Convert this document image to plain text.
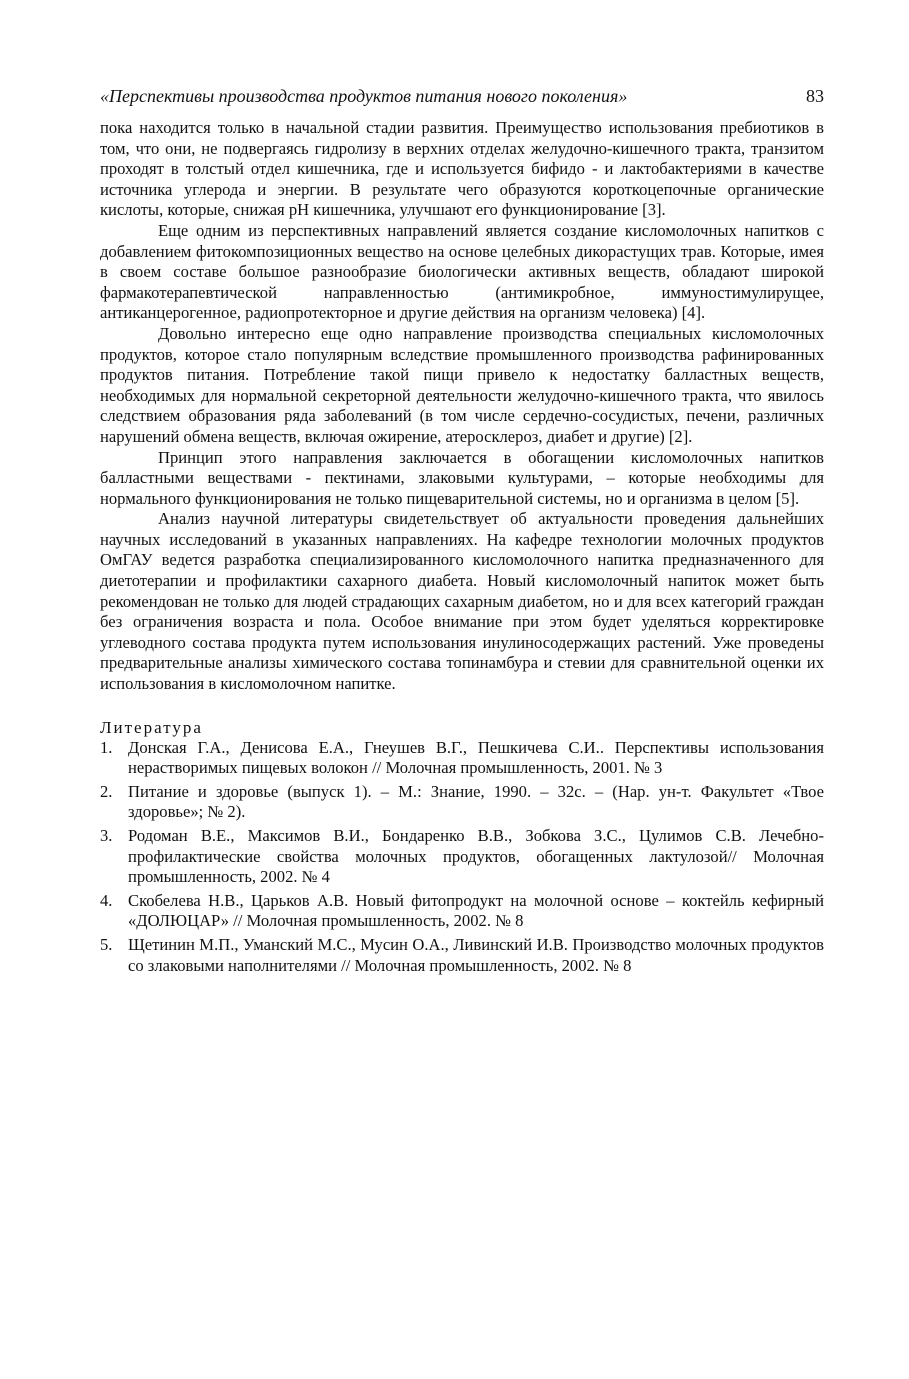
«Перспективы производства продуктов питания нового поколения»	83

пока находится только в начальной стадии развития. Преимущество использования пребиотиков в том, что они, не подвергаясь гидролизу в верхних отделах желудочно-кишечного тракта, транзитом проходят в толстый отдел кишечника, где и используется бифидо - и лактобактериями в качестве источника углерода и энергии. В результате чего образуются короткоцепочные органические кислоты, которые, снижая pH кишечника, улучшают его функционирование [3].

Еще одним из перспективных направлений является создание кисломолочных напитков с добавлением фитокомпозиционных веществo на основе целебных дикорастущих трав. Которые, имея в своем составе большое разнообразие биологически активных веществ, обладают широкой фармакотерапевтической направленностью (антимикробное, иммуностимулирущее, антиканцерогенное, радиопротекторное и другие действия на организм человека) [4].

Довольно интересно еще одно направление производства специальных кисломолочных продуктов, которое стало популярным вследствие промышленного производства рафинированных продуктов питания. Потребление такой пищи привело к недостатку балластных веществ, необходимых для нормальной секреторной деятельности желудочно-кишечного тракта, что явилось следствием образования ряда заболеваний (в том числе сердечно-сосудистых, печени, различных нарушений обмена веществ, включая ожирение, атеросклероз, диабет и другие) [2].

Принцип этого направления заключается в обогащении кисломолочных напитков балластными веществами - пектинами, злаковыми культурами, – которые необходимы для нормального функционирования не только пищеварительной системы, но и организма в целом [5].

Анализ научной литературы свидетельствует об актуальности проведения дальнейших научных исследований в указанных направлениях. На кафедре технологии молочных продуктов ОмГАУ ведется разработка специализированного кисломолочного напитка предназначенного для диетотерапии и профилактики сахарного диабета. Новый кисломолочный напиток может быть рекомендован не только для людей страдающих сахарным диабетом, но и для всех категорий граждан без ограничения возраста и пола. Особое внимание при этом будет уделяться корректировке углеводного состава продукта путем использования инулиносодержащих растений. Уже проведены предварительные анализы химического состава топинамбура и стевии для сравнительной оценки их использования в кисломолочном напитке.

Литература
1. Донская Г.А., Денисова Е.А., Гнеушев В.Г., Пешкичева С.И.. Перспективы использования нерастворимых пищевых волокон // Молочная промышленность, 2001. № 3
2. Питание и здоровье (выпуск 1). – М.: Знание, 1990. – 32с. – (Нар. ун-т. Факультет «Твое здоровье»; № 2).
3. Родоман В.Е., Максимов В.И., Бондаренко В.В., Зобкова З.С., Цулимов С.В. Лечебно-профилактические свойства молочных продуктов, обогащенных лактулозой// Молочная промышленность, 2002. № 4
4. Скобелева Н.В., Царьков А.В. Новый фитопродукт на молочной основе – коктейль кефирный «ДОЛЮЦАР» // Молочная промышленность, 2002. № 8
5. Щетинин М.П., Уманский М.С., Мусин О.А., Ливинский И.В. Производство молочных продуктов со злаковыми наполнителями // Молочная промышленность, 2002. № 8
